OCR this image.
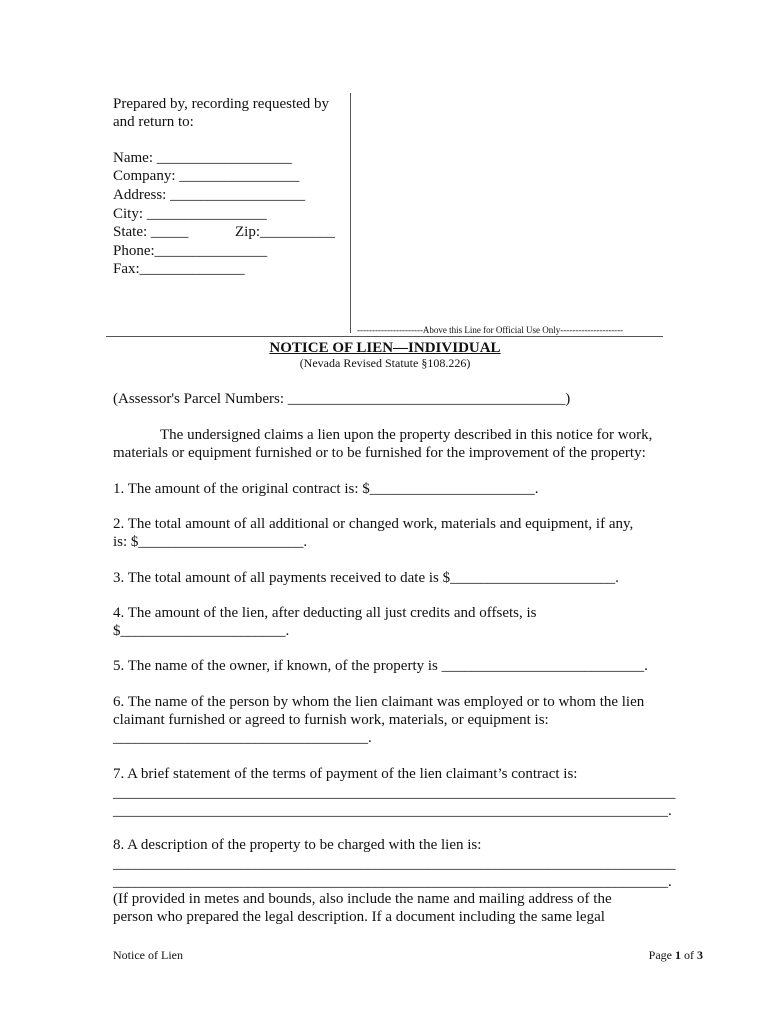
Prepared by, recording requested by
and return to:
Name: __________________
Company: ________________
Address: __________________
City: ________________
State: _____	Zip:__________
Phone:_______________
Fax:______________
----------------------Above this Line for Official Use Only---------------------
NOTICE OF LIEN—INDIVIDUAL
(Nevada Revised Statute §108.226)
(Assessor's Parcel Numbers: _____________________________________)
The undersigned claims a lien upon the property described in this notice for work,
materials or equipment furnished or to be furnished for the improvement of the property:
1. The amount of the original contract is: $______________________.
2. The total amount of all additional or changed work, materials and equipment, if any,
is: $______________________.
3. The total amount of all payments received to date is $______________________.
4. The amount of the lien, after deducting all just credits and offsets, is
$______________________.
5. The name of the owner, if known, of the property is ___________________________.
6. The name of the person by whom the lien claimant was employed or to whom the lien
claimant furnished or agreed to furnish work, materials, or equipment is:
__________________________________.
7. A brief statement of the terms of payment of the lien claimant’s contract is:
___________________________________________________________________________
__________________________________________________________________________.
8. A description of the property to be charged with the lien is:
___________________________________________________________________________
__________________________________________________________________________.
(If provided in metes and bounds, also include the name and mailing address of the
person who prepared the legal description. If a document including the same legal
Notice of Lien	Page 1 of 3
